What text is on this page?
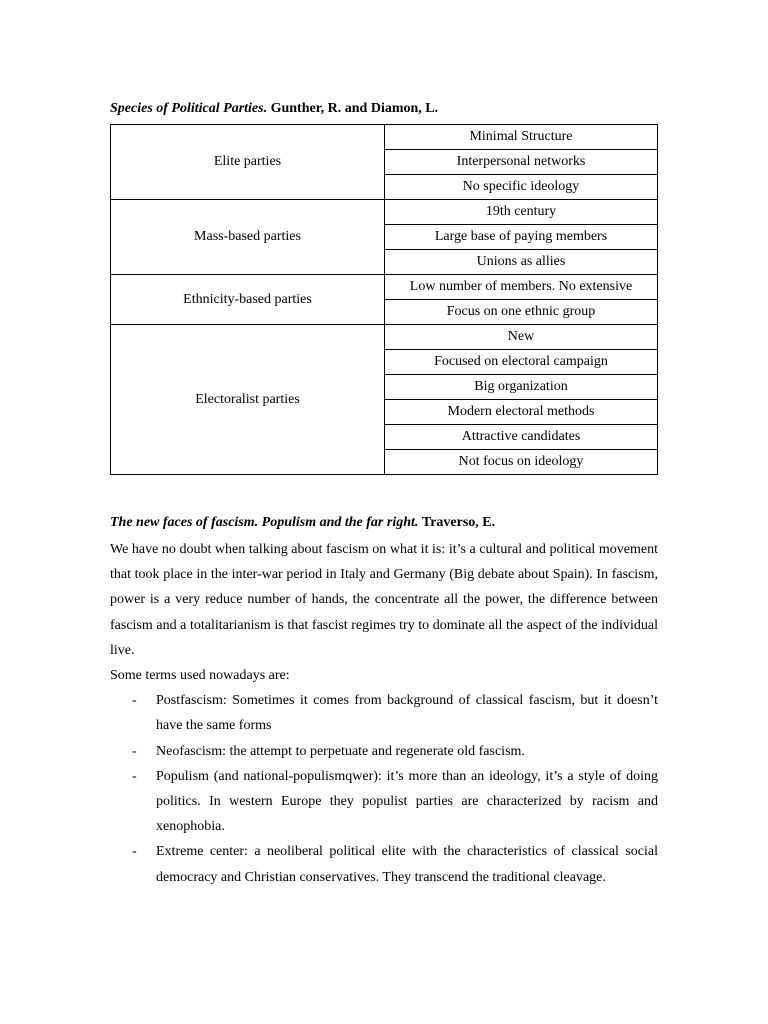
Species of Political Parties. Gunther, R. and Diamon, L.

Elite parties	Minimal Structure
	Interpersonal networks
	No specific ideology
Mass-based parties	19th century
	Large base of paying members
	Unions as allies
Ethnicity-based parties	Low number of members. No extensive
	Focus on one ethnic group
Electoralist parties	New
	Focused on electoral campaign
	Big organization
	Modern electoral methods
	Attractive candidates
	Not focus on ideology

The new faces of fascism. Populism and the far right. Traverso, E.

We have no doubt when talking about fascism on what it is: it’s a cultural and political movement that took place in the inter-war period in Italy and Germany (Big debate about Spain). In fascism, power is a very reduce number of hands, the concentrate all the power, the difference between fascism and a totalitarianism is that fascist regimes try to dominate all the aspect of the individual live.

Some terms used nowadays are:

- Postfascism: Sometimes it comes from background of classical fascism, but it doesn’t have the same forms
- Neofascism: the attempt to perpetuate and regenerate old fascism.
- Populism (and national-populismqwer): it’s more than an ideology, it’s a style of doing politics. In western Europe they populist parties are characterized by racism and xenophobia.
- Extreme center: a neoliberal political elite with the characteristics of classical social democracy and Christian conservatives. They transcend the traditional cleavage.
